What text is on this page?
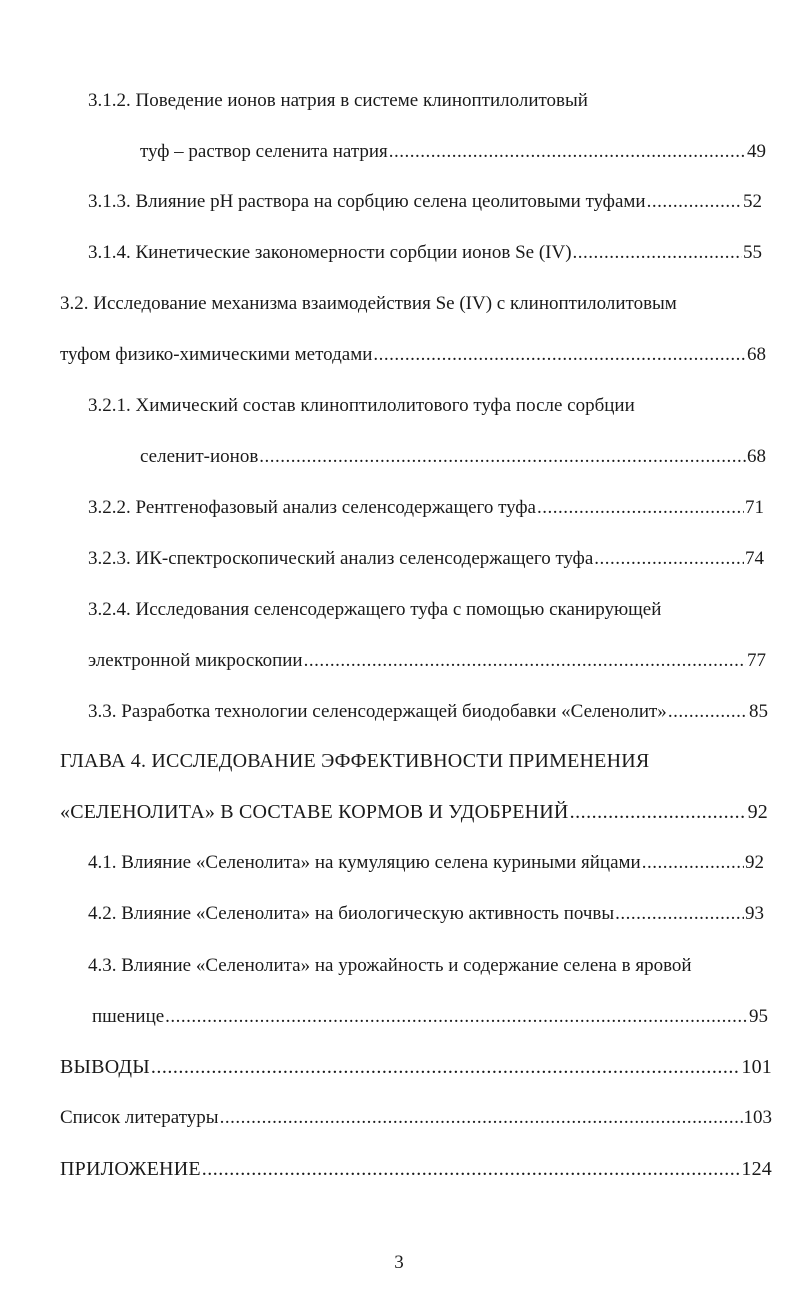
3.1.2. Поведение ионов натрия в системе клиноптилолитовый
туф – раствор селенита натрия .....	49
3.1.3. Влияние pH раствора на сорбцию селена цеолитовыми туфами .....	52
3.1.4. Кинетические закономерности сорбции ионов Se (IV) .....	55
3.2. Исследование механизма взаимодействия Se (IV) с клиноптилолитовым
туфом физико-химическими методами .....	68
3.2.1. Химический состав клиноптилолитового туфа после сорбции
селенит-ионов .....	68
3.2.2. Рентгенофазовый анализ селенсодержащего туфа .....	71
3.2.3. ИК-спектроскопический анализ селенсодержащего туфа .....	74
3.2.4. Исследования селенсодержащего туфа с помощью сканирующей
электронной микроскопии .....	77
3.3. Разработка технологии селенсодержащей биодобавки «Селенолит» .....	85
ГЛАВА 4. ИССЛЕДОВАНИЕ ЭФФЕКТИВНОСТИ ПРИМЕНЕНИЯ
«СЕЛЕНОЛИТА» В СОСТАВЕ КОРМОВ И УДОБРЕНИЙ .....	92
4.1. Влияние «Селенолита» на кумуляцию селена куриными яйцами .....	92
4.2. Влияние «Селенолита» на биологическую активность почвы .....	93
4.3. Влияние «Селенолита» на урожайность и содержание селена в яровой
пшенице .....	95
ВЫВОДЫ .....	101
Список литературы .....	103
ПРИЛОЖЕНИЕ .....	124
3
